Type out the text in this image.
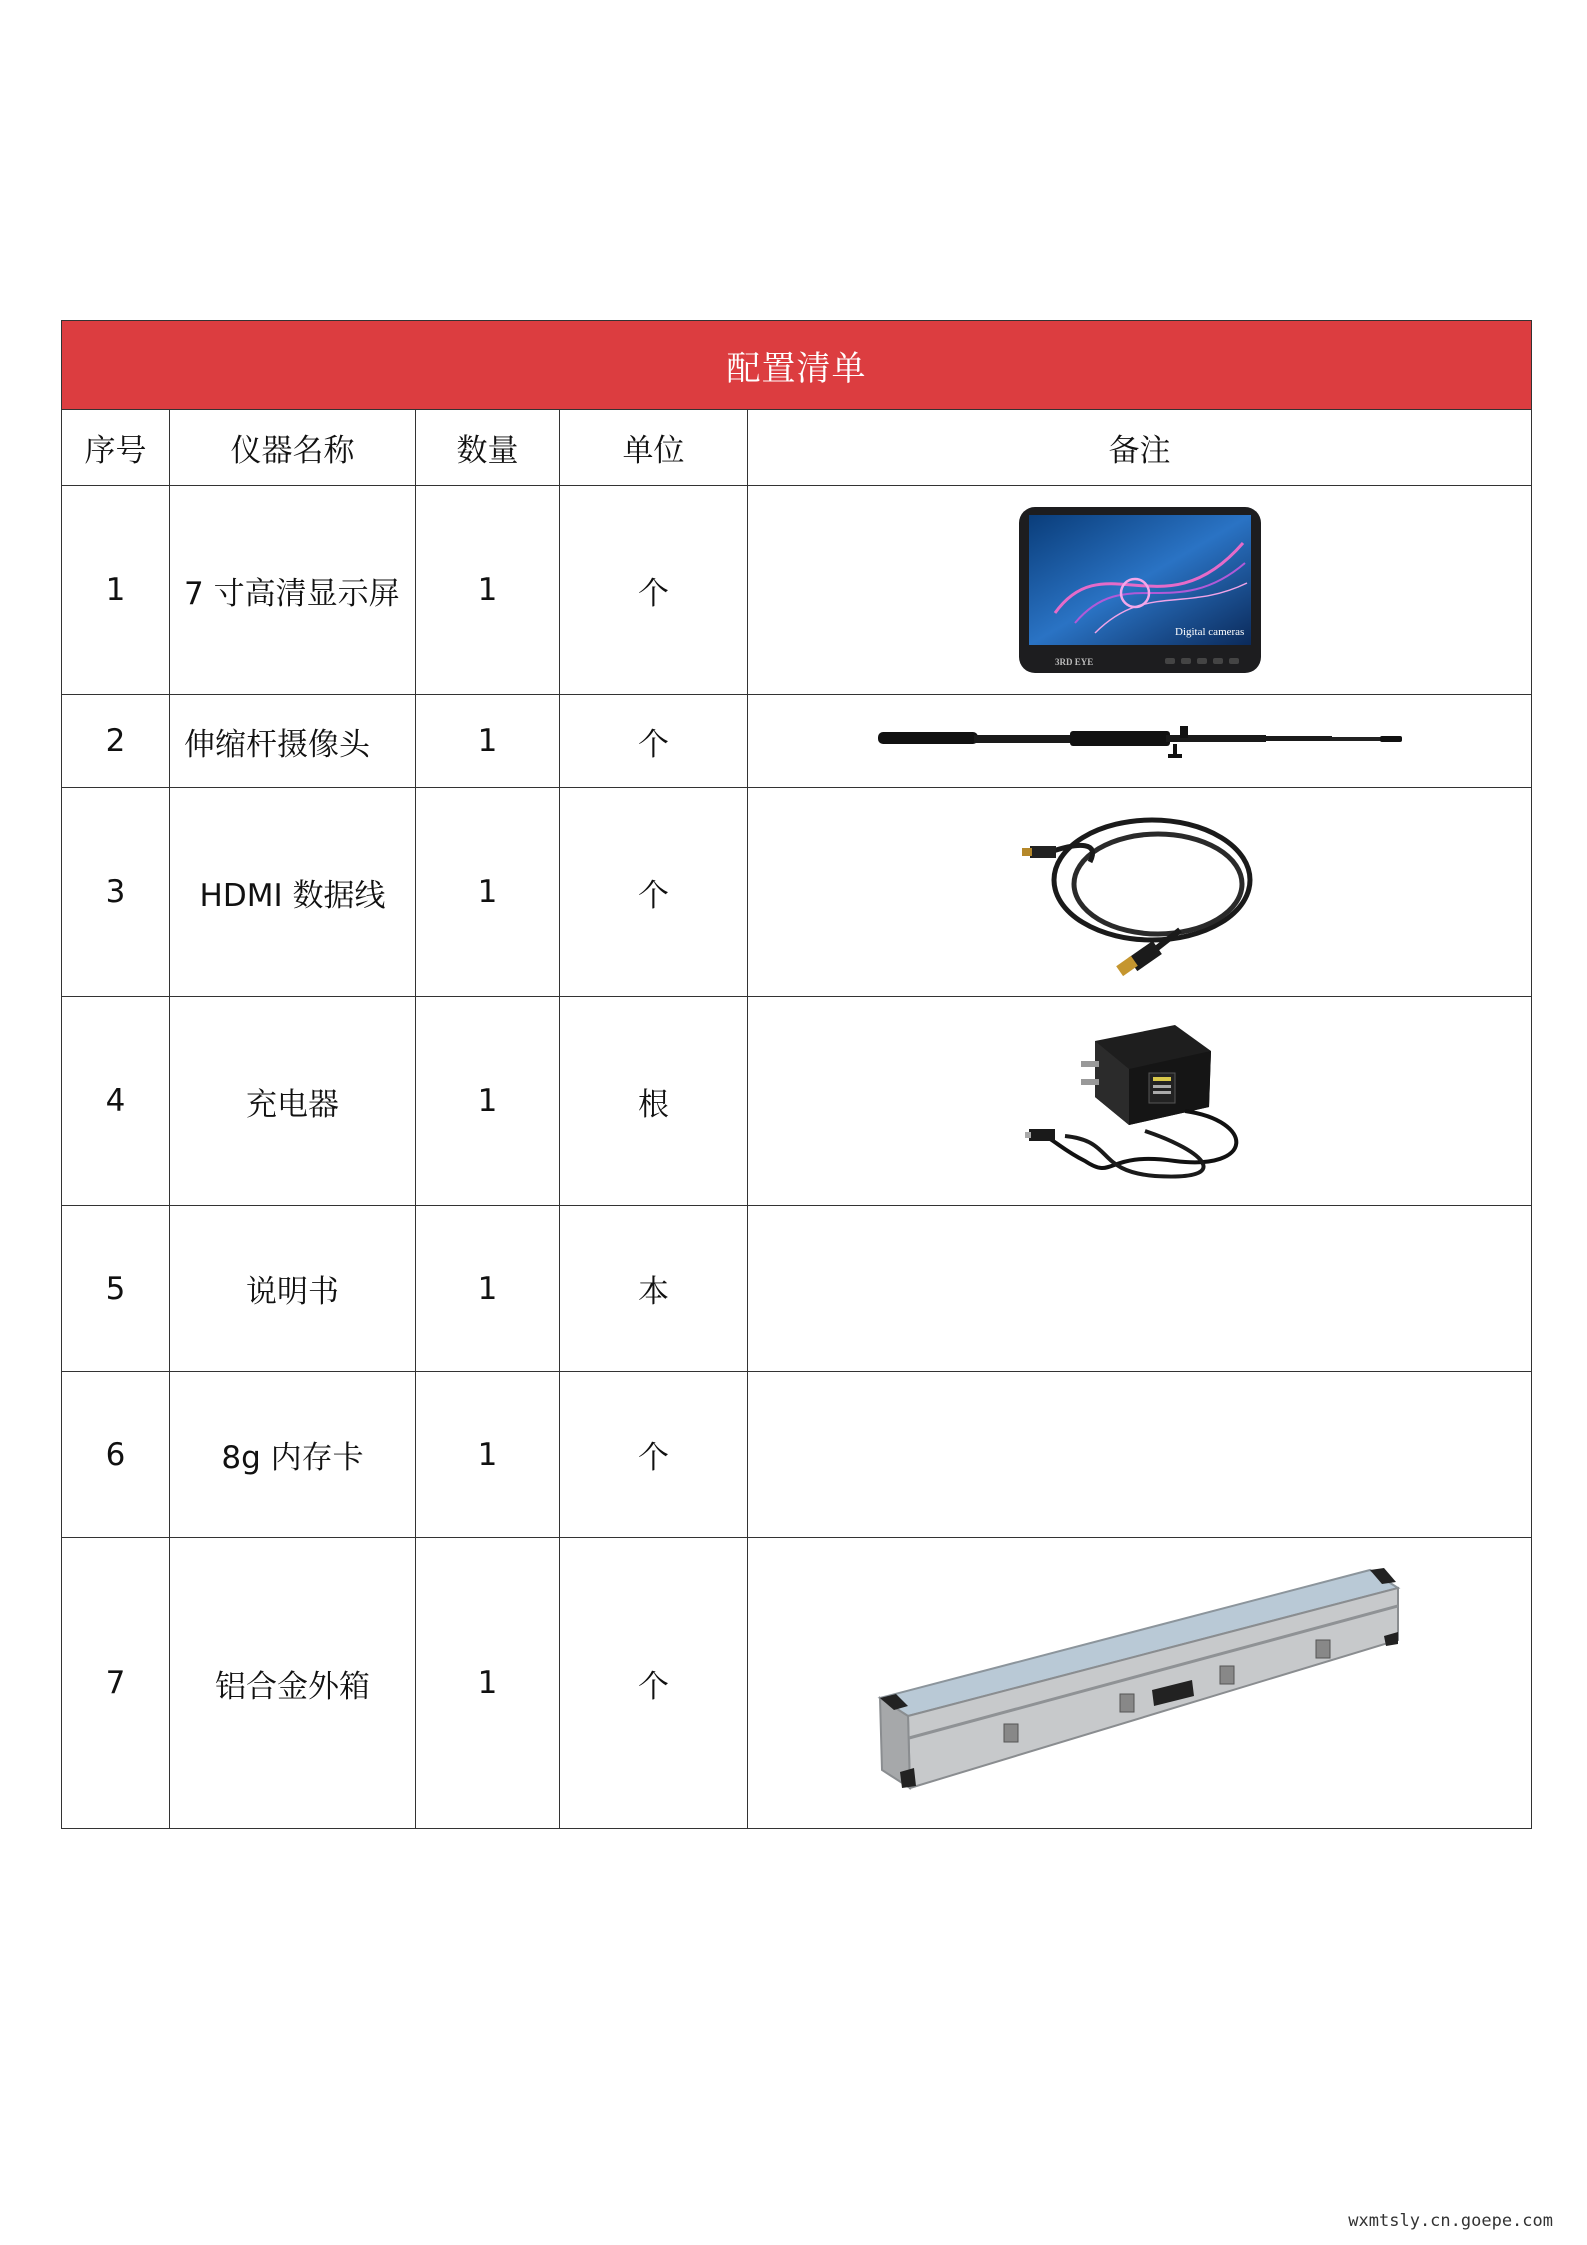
配置清单				
序号	仪器名称	数量	单位	备注
1	7 寸高清显示屏	1	个	Digital cameras
3RD EYE

2	伸缩杆摄像头	1	个	

3	HDMI 数据线	1	个	

4	充电器	1	根	

5	说明书	1	本	
6	8g 内存卡	1	个	
7	铝合金外箱	1	个	
wxmtsly.cn.goepe.com
